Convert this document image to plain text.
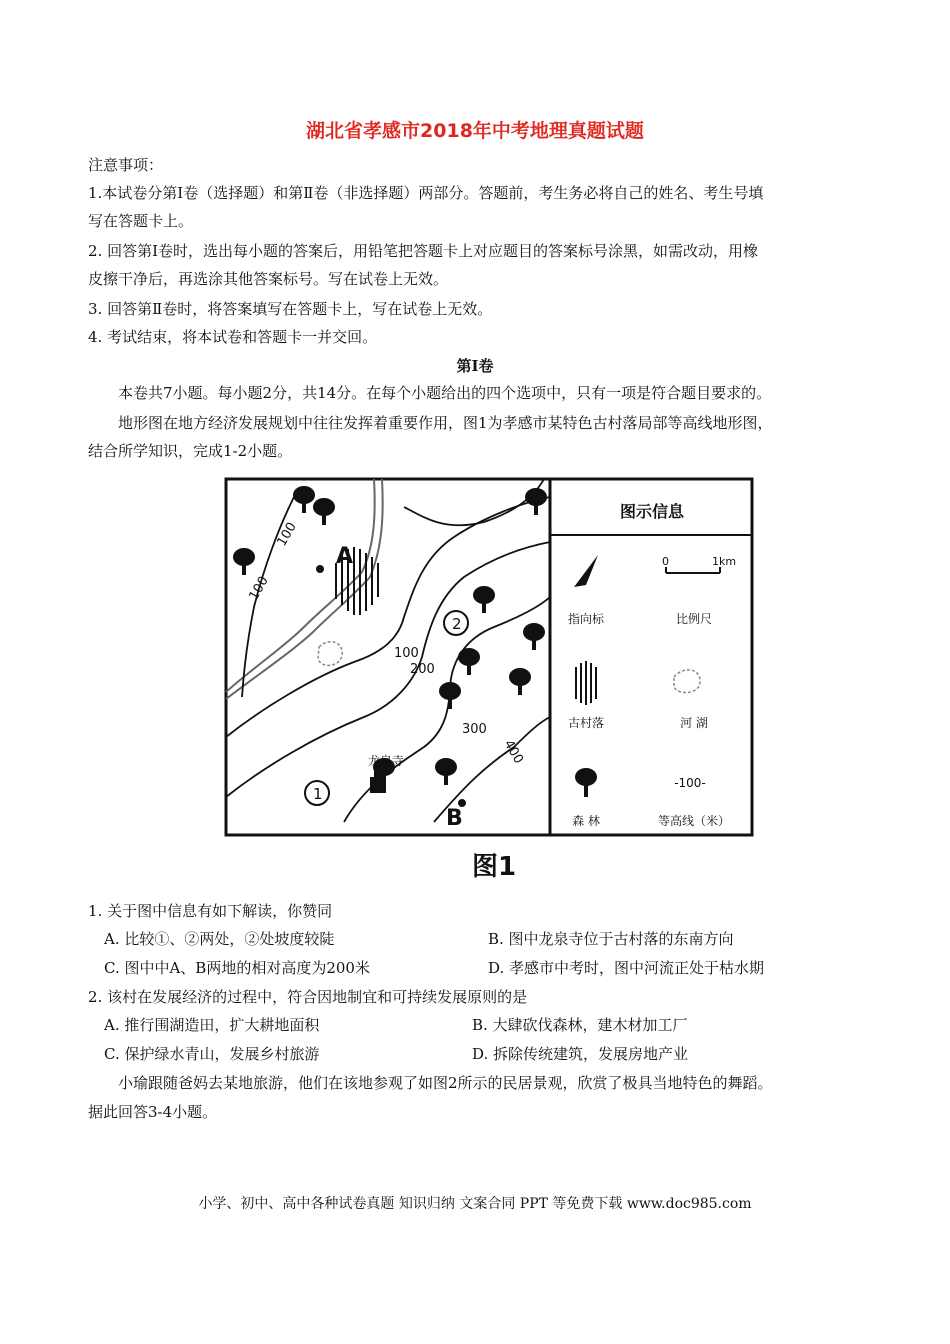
湖北省孝感市2018年中考地理真题试题
注意事项：
1.本试卷分第Ⅰ卷（选择题）和第Ⅱ卷（非选择题）两部分。答题前，考生务必将自己的姓名、考生号填
写在答题卡上。
2. 回答第Ⅰ卷时，选出每小题的答案后，用铅笔把答题卡上对应题目的答案标号涂黑，如需改动，用橡
皮擦干净后，再选涂其他答案标号。写在试卷上无效。
3. 回答第Ⅱ卷时，将答案填写在答题卡上，写在试卷上无效。
4. 考试结束，将本试卷和答题卡一并交回。
第Ⅰ卷
本卷共7小题。每小题2分，共14分。在每个小题给出的四个选项中，只有一项是符合题目要求的。
地形图在地方经济发展规划中往往发挥着重要作用，图1为孝感市某特色古村落局部等高线地形图，
结合所学知识，完成1-2小题。
A
B
2
1
100
100
100
200
300
400
龙泉寺
图示信息
0	1km
-100-
指向标	比例尺
古村落	河 湖
森 林	等高线（米）
图1
1. 关于图中信息有如下解读，你赞同
A. 比较①、②两处，②处坡度较陡	B. 图中龙泉寺位于古村落的东南方向
C. 图中中A、B两地的相对高度为200米	D. 孝感市中考时，图中河流正处于枯水期
2. 该村在发展经济的过程中，符合因地制宜和可持续发展原则的是
A. 推行围湖造田，扩大耕地面积	B. 大肆砍伐森林，建木材加工厂
C. 保护绿水青山，发展乡村旅游	D. 拆除传统建筑，发展房地产业
小瑜跟随爸妈去某地旅游，他们在该地参观了如图2所示的民居景观，欣赏了极具当地特色的舞蹈。
据此回答3-4小题。
小学、初中、高中各种试卷真题 知识归纳 文案合同 PPT 等免费下载 www.doc985.com
